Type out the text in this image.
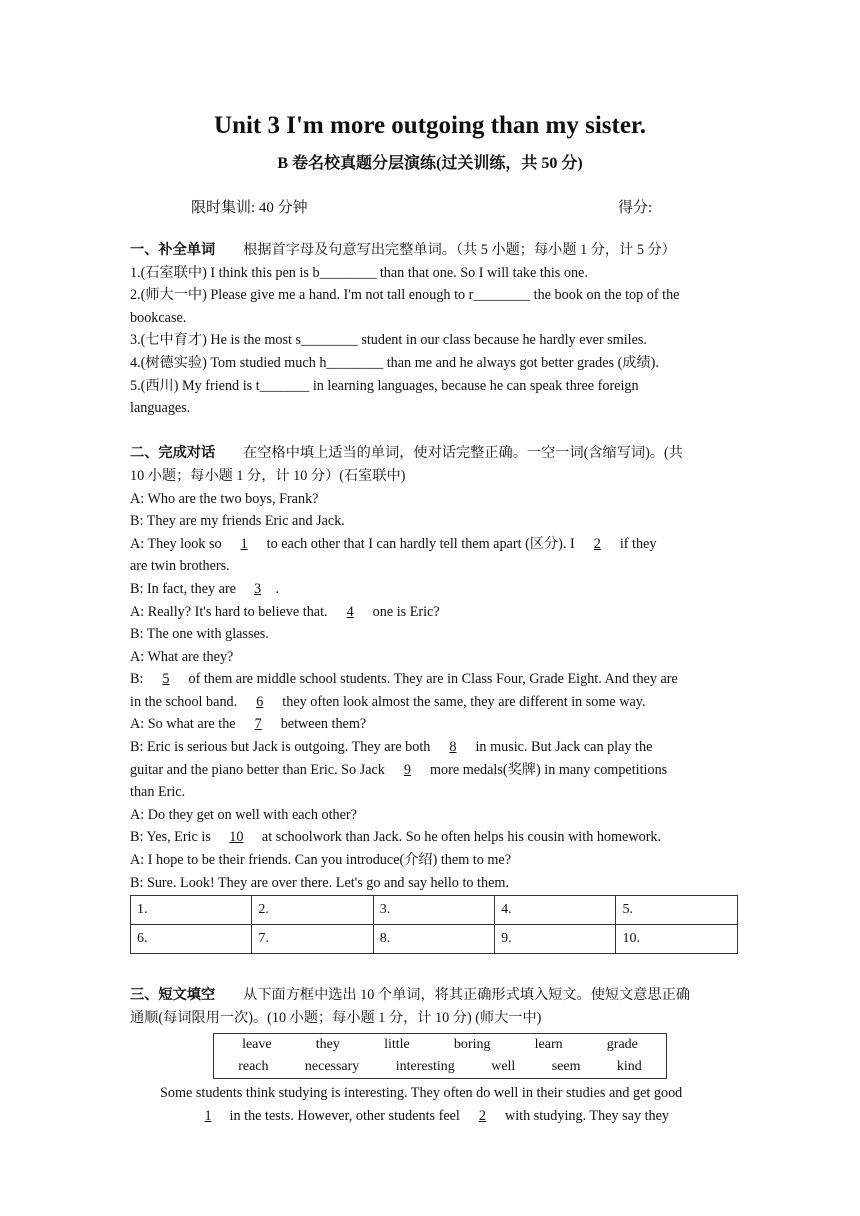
Unit 3 I'm more outgoing than my sister.
B 卷名校真题分层演练(过关训练，共 50 分)
限时集训: 40 分钟	得分:

一、补全单词 根据首字母及句意写出完整单词。（共 5 小题；每小题 1 分，计 5 分）

1.(石室联中) I think this pen is b________ than that one. So I will take this one.

2.(师大一中) Please give me a hand. I'm not tall enough to r________ the book on the top of the

bookcase.

3.(七中育才) He is the most s________ student in our class because he hardly ever smiles.

4.(树德实验) Tom studied much h________ than me and he always got better grades (成绩).

5.(西川) My friend is t_______ in learning languages, because he can speak three foreign

languages.

二、完成对话 在空格中填上适当的单词，使对话完整正确。一空一词(含缩写词)。(共

10 小题；每小题 1 分，计 10 分）(石室联中)

A: Who are the two boys, Frank?

B: They are my friends Eric and Jack.

A: They look so 1 to each other that I can hardly tell them apart (区分). I 2 if they

are twin brothers.

B: In fact, they are 3 .

A: Really? It's hard to believe that. 4 one is Eric?

B: The one with glasses.

A: What are they?

B: 5 of them are middle school students. They are in Class Four, Grade Eight. And they are

in the school band. 6 they often look almost the same, they are different in some way.

A: So what are the 7 between them?

B: Eric is serious but Jack is outgoing. They are both 8 in music. But Jack can play the

guitar and the piano better than Eric. So Jack 9 more medals(奖牌) in many competitions

than Eric.

A: Do they get on well with each other?

B: Yes, Eric is 10 at schoolwork than Jack. So he often helps his cousin with homework.

A: I hope to be their friends. Can you introduce(介绍) them to me?

B: Sure. Look! They are over there. Let's go and say hello to them.

1.	2.	3.	4.	5.
6.	7.	8.	9.	10.

三、短文填空 从下面方框中选出 10 个单词，将其正确形式填入短文。使短文意思正确

通顺(每词限用一次)。(10 小题；每小题 1 分，计 10 分) (师大一中)

leave	they	little	boring	learn	grade
reach	necessary	interesting	well	seem	kind

Some students think studying is interesting. They often do well in their studies and get good

1 in the tests. However, other students feel 2 with studying. They say they
